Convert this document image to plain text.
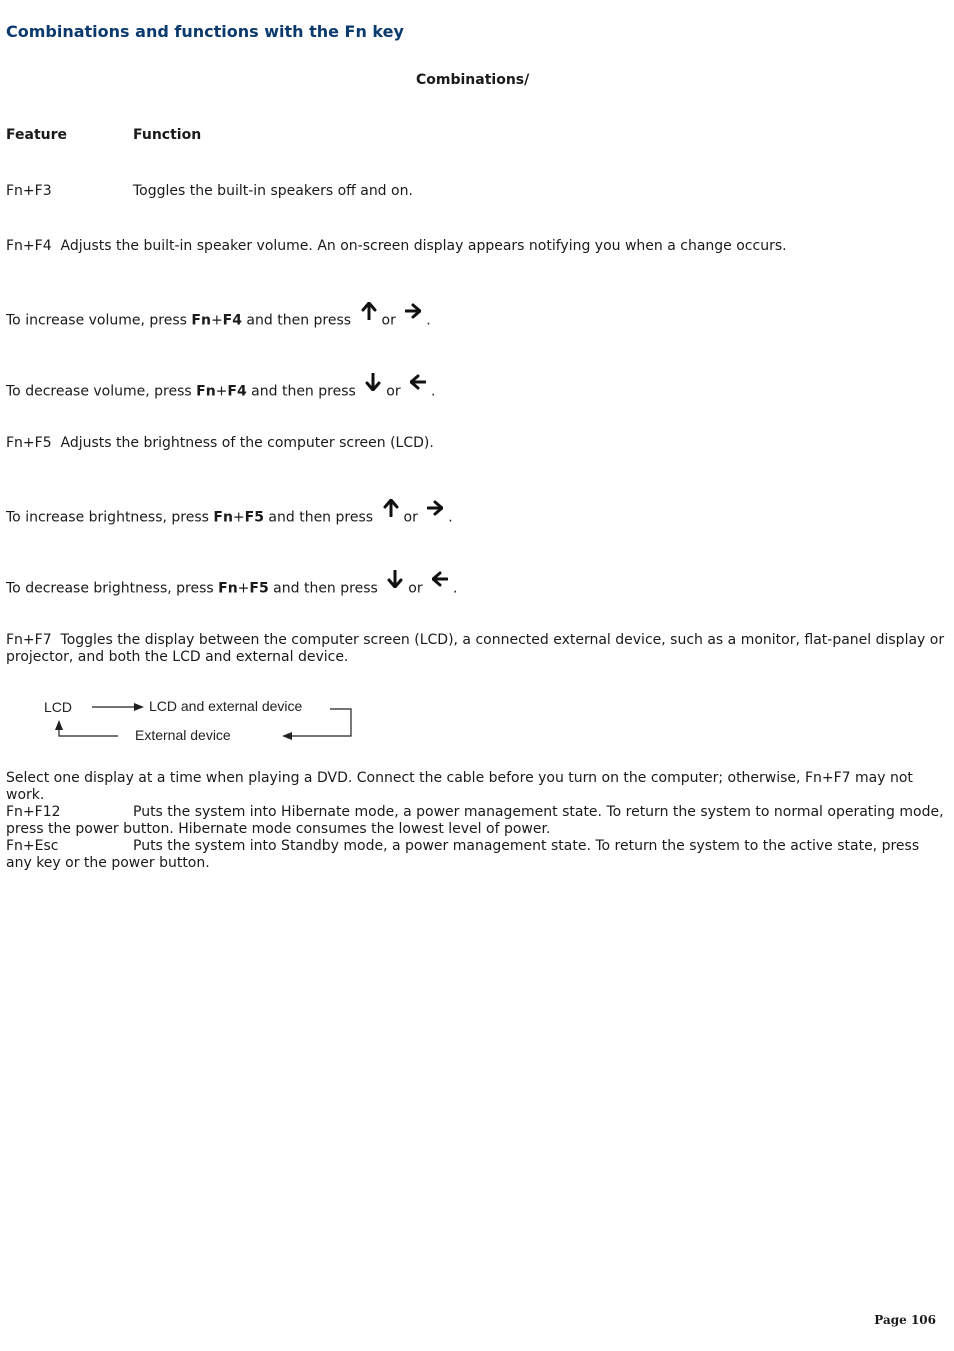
Combinations and functions with the Fn key
Combinations/
Feature	Function
Fn+F3	Toggles the built-in speakers off and on.
Fn+F4 Adjusts the built-in speaker volume. An on-screen display appears notifying you when a change occurs.
To increase volume, press Fn+F4 and then press or .
To decrease volume, press Fn+F4 and then press or .
Fn+F5 Adjusts the brightness of the computer screen (LCD).
To increase brightness, press Fn+F5 and then press or .
To decrease brightness, press Fn+F5 and then press or .
Fn+F7 Toggles the display between the computer screen (LCD), a connected external device, such as a monitor, flat-panel display or projector, and both the LCD and external device.
LCD	LCD and external device
External device
Select one display at a time when playing a DVD. Connect the cable before you turn on the computer; otherwise, Fn+F7 may not work.
Fn+F12	Puts the system into Hibernate mode, a power management state. To return the system to normal operating mode, press the power button. Hibernate mode consumes the lowest level of power.
Fn+Esc	Puts the system into Standby mode, a power management state. To return the system to the active state, press any key or the power button.
Page 106
